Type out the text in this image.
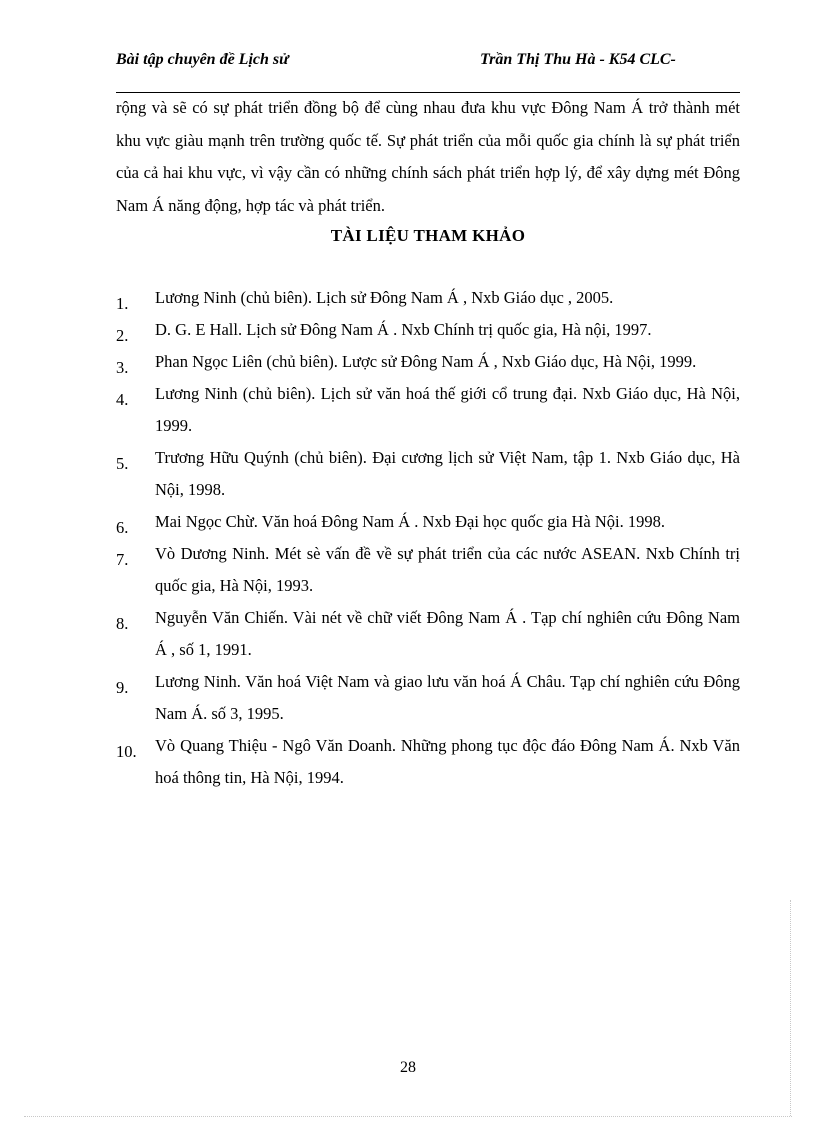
Bài tập chuyên đề Lịch sử	Trần Thị Thu Hà - K54 CLC-

rộng và sẽ có sự phát triển đồng bộ để cùng nhau đưa khu vực Đông Nam Á trở thành mét khu vực giàu mạnh trên trường quốc tế. Sự phát triển của mỗi quốc gia chính là sự phát triển của cả hai khu vực, vì vậy cần có những chính sách phát triển hợp lý, để xây dựng mét Đông Nam Á năng động, hợp tác và phát triển.

TÀI LIỆU THAM KHẢO
1.	Lương Ninh (chủ biên). Lịch sử Đông Nam Á , Nxb Giáo dục , 2005.
2.	D. G. E Hall. Lịch sử Đông Nam Á . Nxb Chính trị quốc gia, Hà nội, 1997.
3.	Phan Ngọc Liên (chủ biên). Lược sử Đông Nam Á , Nxb Giáo dục, Hà Nội, 1999.
4.	Lương Ninh (chủ biên). Lịch sử văn hoá thế giới cổ trung đại. Nxb Giáo dục, Hà Nội, 1999.
5.	Trương Hữu Quýnh (chủ biên). Đại cương lịch sử Việt Nam, tập 1. Nxb Giáo dục, Hà Nội, 1998.
6.	Mai Ngọc Chừ. Văn hoá Đông Nam Á . Nxb Đại học quốc gia Hà Nội. 1998.
7.	Vò Dương Ninh. Mét sè vấn đề về sự phát triển của các nước ASEAN. Nxb Chính trị quốc gia, Hà Nội, 1993.
8.	Nguyễn Văn Chiến. Vài nét về chữ viết Đông Nam Á . Tạp chí nghiên cứu Đông Nam Á , số 1, 1991.
9.	Lương Ninh. Văn hoá Việt Nam và giao lưu văn hoá Á Châu. Tạp chí nghiên cứu Đông Nam Á. số 3, 1995.
10.	Vò Quang Thiệu - Ngô Văn Doanh. Những phong tục độc đáo Đông Nam Á. Nxb Văn hoá thông tin, Hà Nội, 1994.
28
